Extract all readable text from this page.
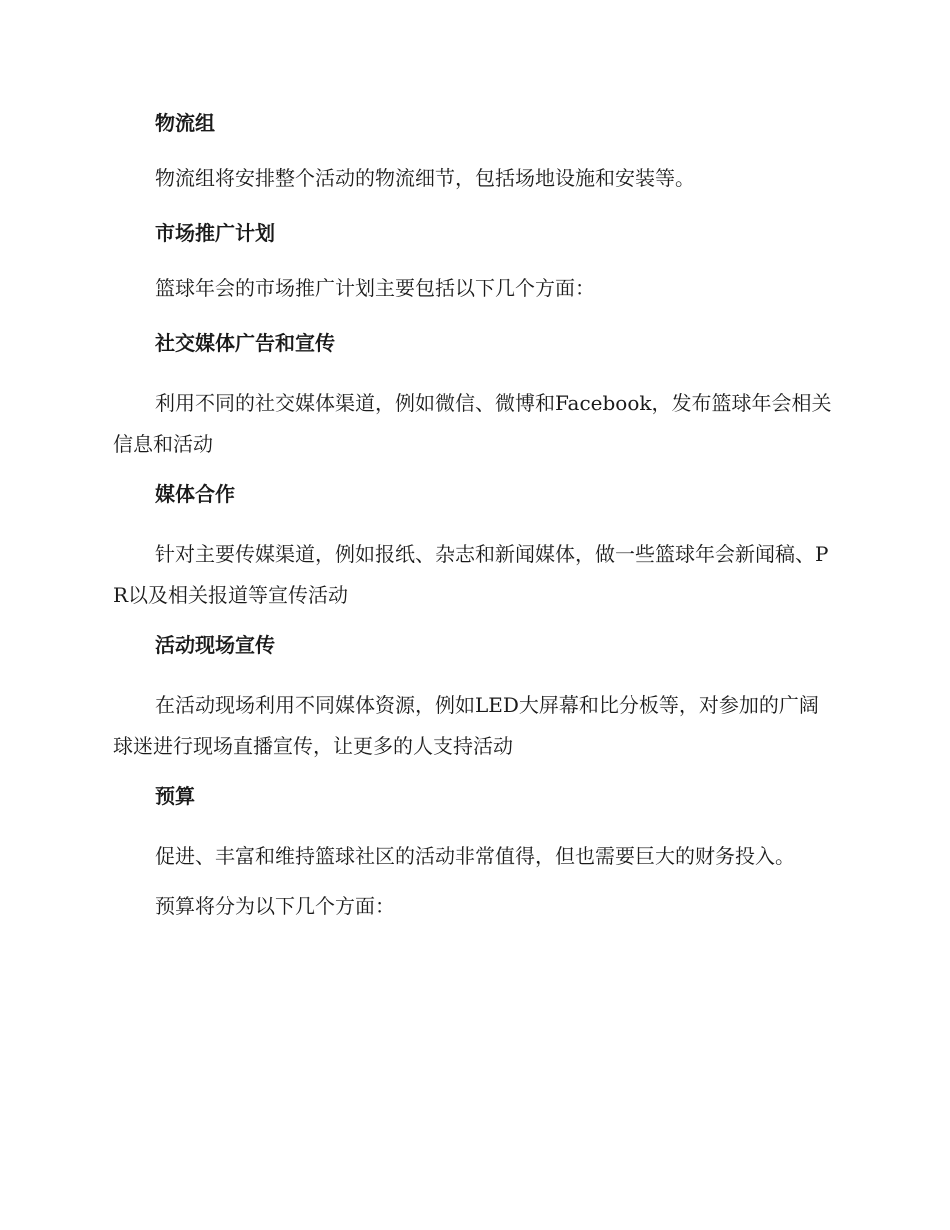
物流组

物流组将安排整个活动的物流细节，包括场地设施和安装等。

市场推广计划

篮球年会的市场推广计划主要包括以下几个方面：

社交媒体广告和宣传

利用不同的社交媒体渠道，例如微信、微博和Facebook，发布篮球年会相关信息和活动

媒体合作

针对主要传媒渠道，例如报纸、杂志和新闻媒体，做一些篮球年会新闻稿、PR以及相关报道等宣传活动

活动现场宣传

在活动现场利用不同媒体资源，例如LED大屏幕和比分板等，对参加的广阔球迷进行现场直播宣传，让更多的人支持活动

预算

促进、丰富和维持篮球社区的活动非常值得，但也需要巨大的财务投入。

预算将分为以下几个方面：
